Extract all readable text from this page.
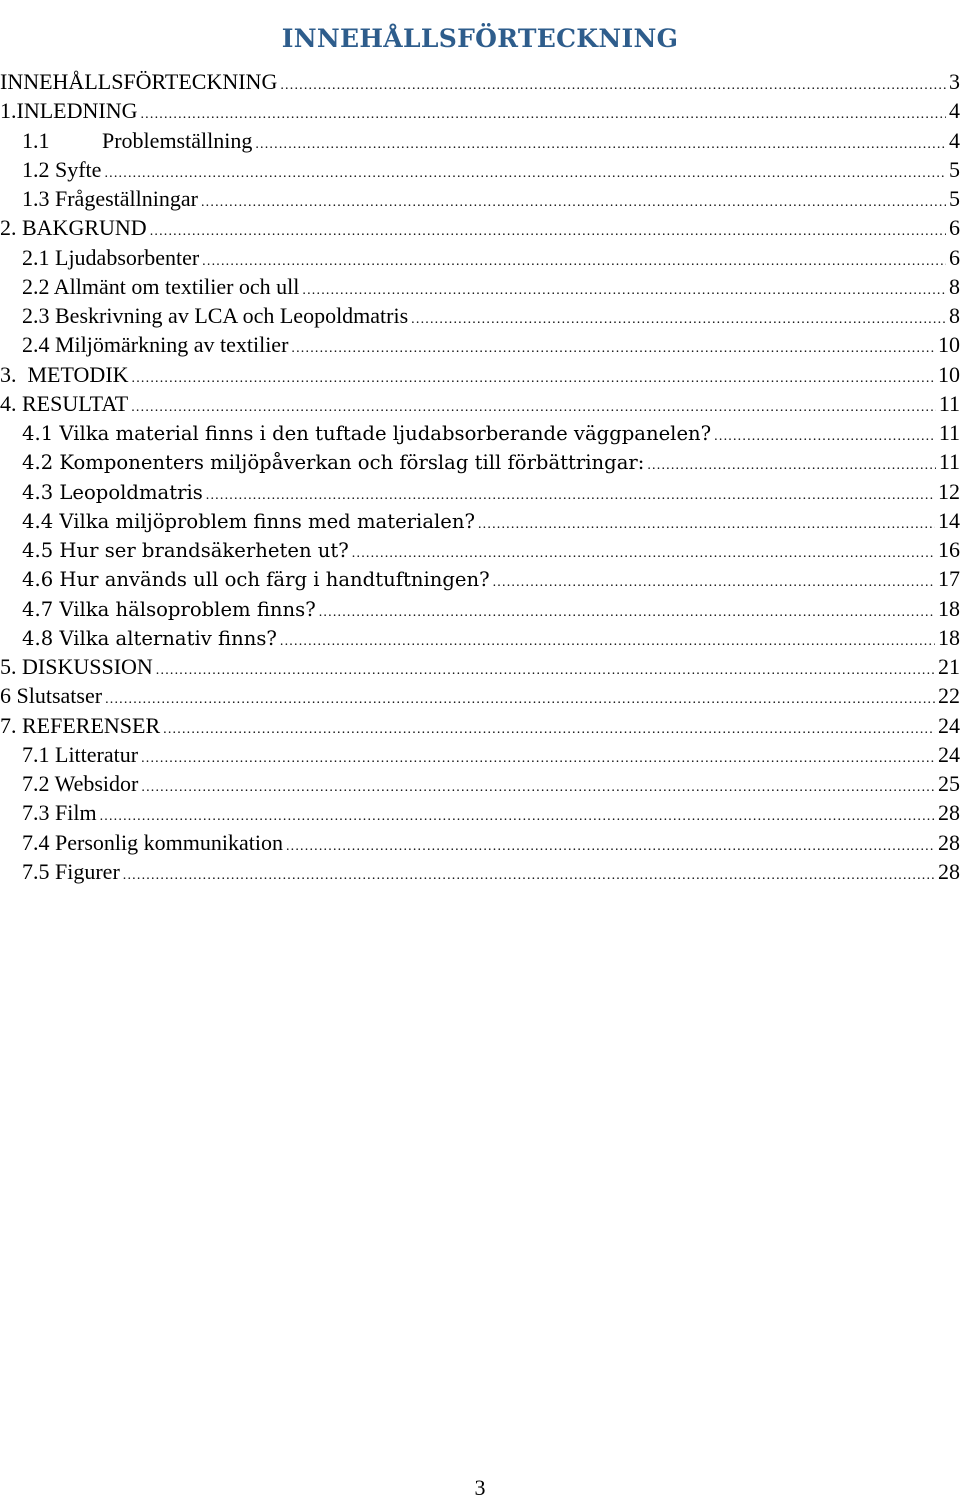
INNEHÅLLSFÖRTECKNING
INNEHÅLLSFÖRTECKNING .....	3
1.INLEDNING .....	4
1.1 Problemställning .....	4
1.2 Syfte .....	5
1.3 Frågeställningar .....	5
2. BAKGRUND .....	6
2.1 Ljudabsorbenter .....	6
2.2 Allmänt om textilier och ull .....	8
2.3 Beskrivning av LCA och Leopoldmatris .....	8
2.4 Miljömärkning av textilier .....	10
3.  METODIK .....	10
4. RESULTAT .....	11
4.1 Vilka material finns i den tuftade ljudabsorberande väggpanelen? .....	11
4.2 Komponenters miljöpåverkan och förslag till förbättringar: .....	11
4.3 Leopoldmatris .....	12
4.4 Vilka miljöproblem finns med materialen? .....	14
4.5 Hur ser brandsäkerheten ut? .....	16
4.6 Hur används ull och färg i handtuftningen? .....	17
4.7 Vilka hälsoproblem finns? .....	18
4.8 Vilka alternativ finns? .....	18
5. DISKUSSION .....	21
6 Slutsatser .....	22
7. REFERENSER .....	24
7.1 Litteratur .....	24
7.2 Websidor .....	25
7.3 Film .....	28
7.4 Personlig kommunikation .....	28
7.5 Figurer .....	28
3
